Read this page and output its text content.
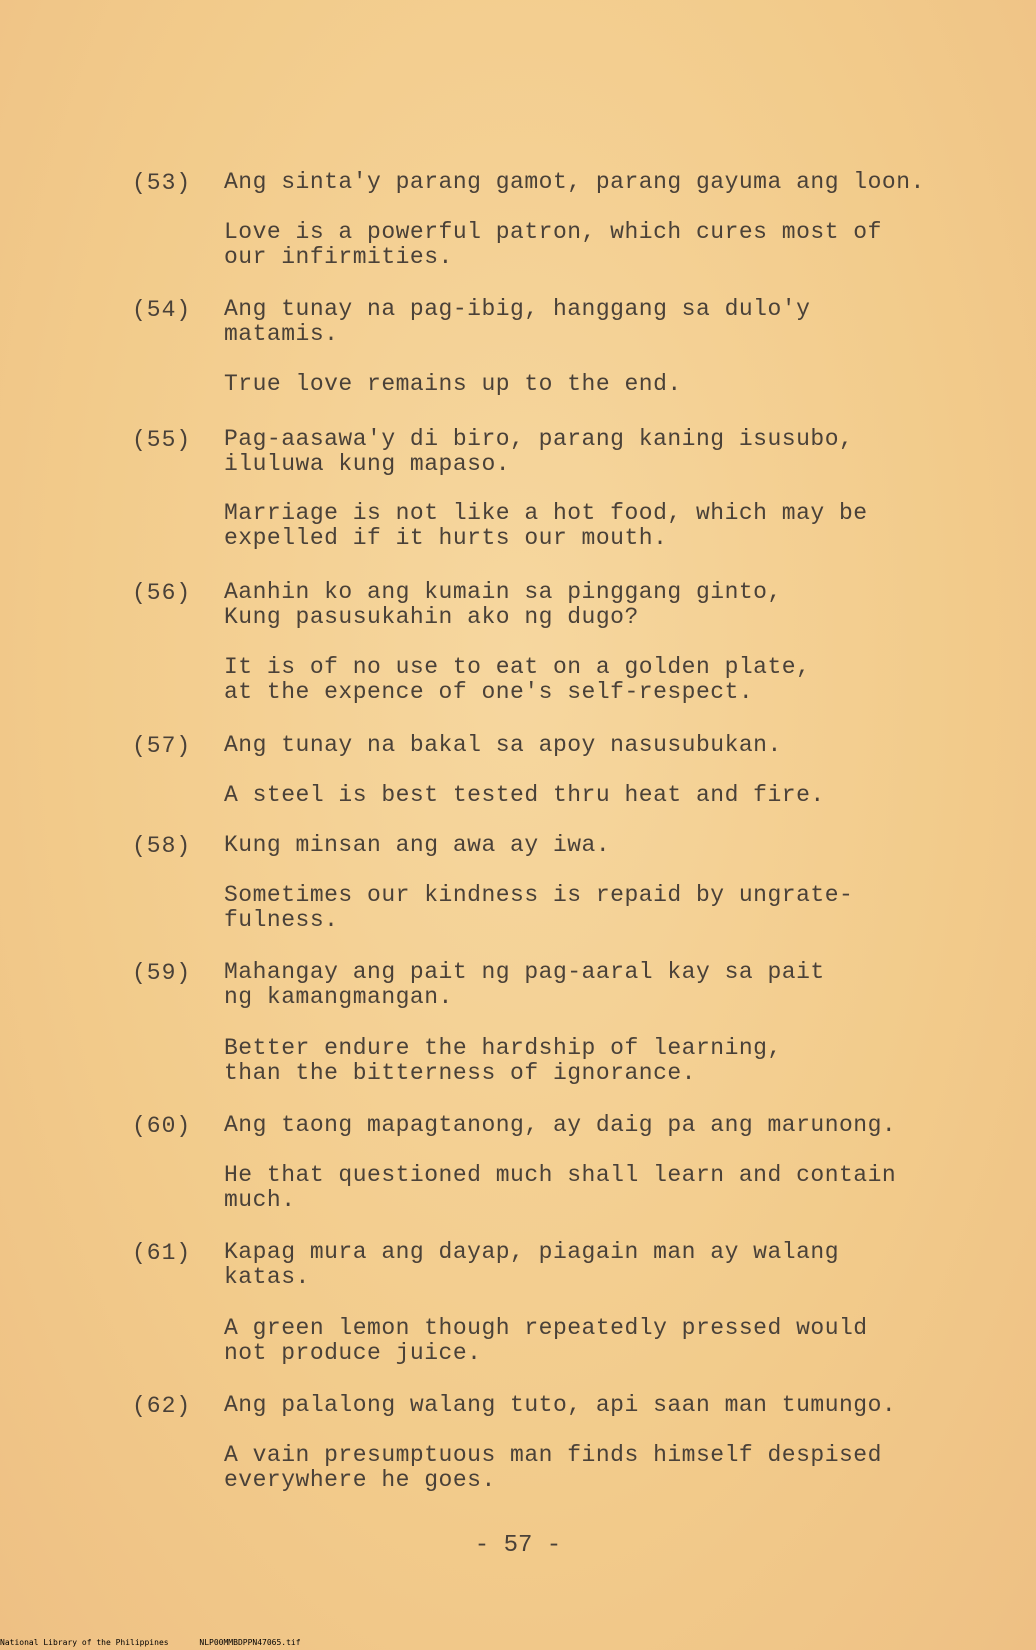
(53) Ang sinta'y parang gamot, parang gayuma ang loon.
Love is a powerful patron, which cures most of
our infirmities.
(54) Ang tunay na pag-ibig, hanggang sa dulo'y
matamis.
True love remains up to the end.
(55) Pag-aasawa'y di biro, parang kaning isusubo,
iluluwa kung mapaso.
Marriage is not like a hot food, which may be
expelled if it hurts our mouth.
(56) Aanhin ko ang kumain sa pinggang ginto,
Kung pasusukahin ako ng dugo?
It is of no use to eat on a golden plate,
at the expence of one's self-respect.
(57) Ang tunay na bakal sa apoy nasusubukan.
A steel is best tested thru heat and fire.
(58) Kung minsan ang awa ay iwa.
Sometimes our kindness is repaid by ungrate-
fulness.
(59) Mahangay ang pait ng pag-aaral kay sa pait
ng kamangmangan.
Better endure the hardship of learning,
than the bitterness of ignorance.
(60) Ang taong mapagtanong, ay daig pa ang marunong.
He that questioned much shall learn and contain
much.
(61) Kapag mura ang dayap, piagain man ay walang
katas.
A green lemon though repeatedly pressed would
not produce juice.
(62) Ang palalong walang tuto, api saan man tumungo.
A vain presumptuous man finds himself despised
everywhere he goes.
- 57 -
National Library of the Philippines	NLP00MMBDPPN47065.tif
